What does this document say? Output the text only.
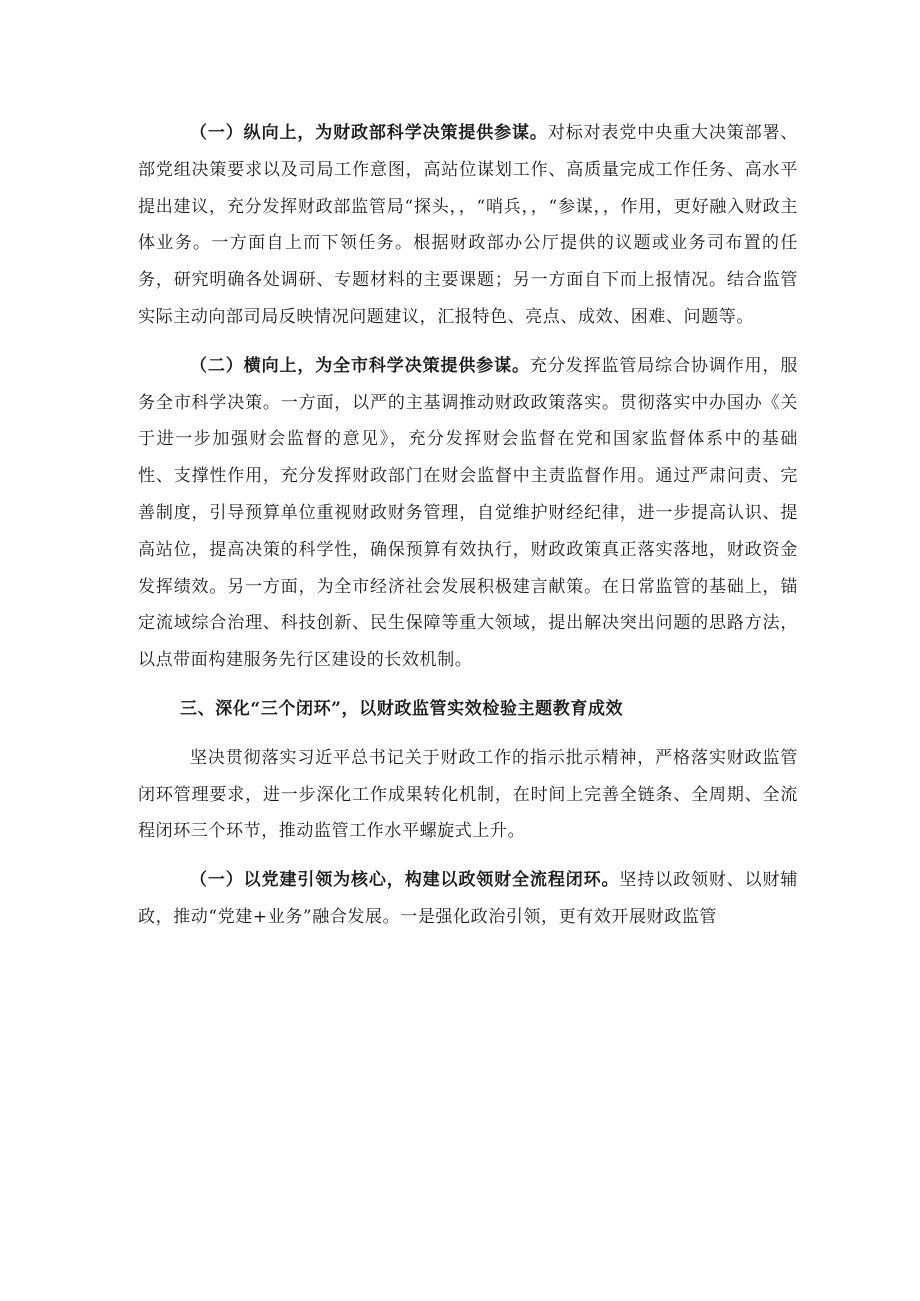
（一）纵向上，为财政部科学决策提供参谋。对标对表党中央重大决策部署、部党组决策要求以及司局工作意图，高站位谋划工作、高质量完成工作任务、高水平提出建议，充分发挥财政部监管局“探头，，“哨兵，，“参谋，，作用，更好融入财政主体业务。一方面自上而下领任务。根据财政部办公厅提供的议题或业务司布置的任务，研究明确各处调研、专题材料的主要课题；另一方面自下而上报情况。结合监管实际主动向部司局反映情况问题建议，汇报特色、亮点、成效、困难、问题等。

（二）横向上，为全市科学决策提供参谋。充分发挥监管局综合协调作用，服务全市科学决策。一方面，以严的主基调推动财政政策落实。贯彻落实中办国办《关于进一步加强财会监督的意见》，充分发挥财会监督在党和国家监督体系中的基础性、支撑性作用，充分发挥财政部门在财会监督中主责监督作用。通过严肃问责、完善制度，引导预算单位重视财政财务管理，自觉维护财经纪律，进一步提高认识、提高站位，提高决策的科学性，确保预算有效执行，财政政策真正落实落地，财政资金发挥绩效。另一方面，为全市经济社会发展积极建言献策。在日常监管的基础上，锚定流域综合治理、科技创新、民生保障等重大领域，提出解决突出问题的思路方法，以点带面构建服务先行区建设的长效机制。

三、深化“三个闭环”，以财政监管实效检验主题教育成效

坚决贯彻落实习近平总书记关于财政工作的指示批示精神，严格落实财政监管闭环管理要求，进一步深化工作成果转化机制，在时间上完善全链条、全周期、全流程闭环三个环节，推动监管工作水平螺旋式上升。

（一）以党建引领为核心，构建以政领财全流程闭环。坚持以政领财、以财辅政，推动“党建+业务”融合发展。一是强化政治引领，更有效开展财政监管
